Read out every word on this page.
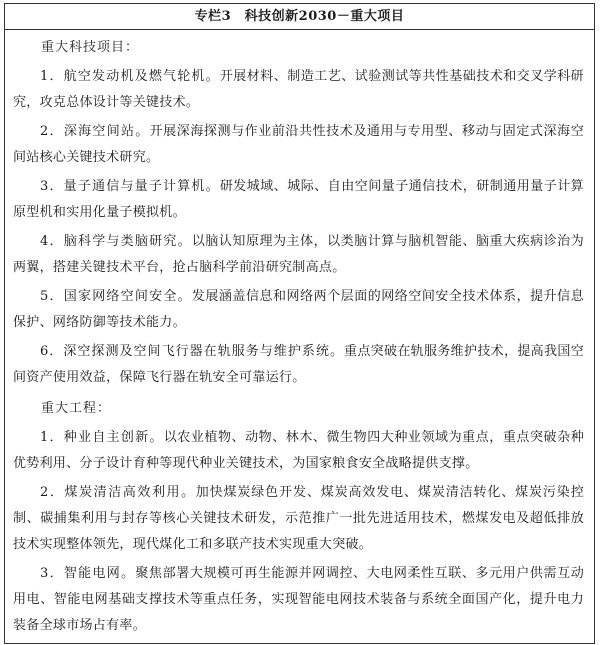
专栏3　科技创新2030－重大项目
重大科技项目：

1．航空发动机及燃气轮机。开展材料、制造工艺、试验测试等共性基础技术和交叉学科研究，攻克总体设计等关键技术。

2．深海空间站。开展深海探测与作业前沿共性技术及通用与专用型、移动与固定式深海空间站核心关键技术研究。

3．量子通信与量子计算机。研发城域、城际、自由空间量子通信技术，研制通用量子计算原型机和实用化量子模拟机。

4．脑科学与类脑研究。以脑认知原理为主体，以类脑计算与脑机智能、脑重大疾病诊治为两翼，搭建关键技术平台，抢占脑科学前沿研究制高点。

5．国家网络空间安全。发展涵盖信息和网络两个层面的网络空间安全技术体系，提升信息保护、网络防御等技术能力。

6．深空探测及空间飞行器在轨服务与维护系统。重点突破在轨服务维护技术，提高我国空间资产使用效益，保障飞行器在轨安全可靠运行。

重大工程：

1．种业自主创新。以农业植物、动物、林木、微生物四大种业领域为重点，重点突破杂种优势利用、分子设计育种等现代种业关键技术，为国家粮食安全战略提供支撑。

2．煤炭清洁高效利用。加快煤炭绿色开发、煤炭高效发电、煤炭清洁转化、煤炭污染控制、碳捕集利用与封存等核心关键技术研发，示范推广一批先进适用技术，燃煤发电及超低排放技术实现整体领先，现代煤化工和多联产技术实现重大突破。

3．智能电网。聚焦部署大规模可再生能源并网调控、大电网柔性互联、多元用户供需互动用电、智能电网基础支撑技术等重点任务，实现智能电网技术装备与系统全面国产化，提升电力装备全球市场占有率。
